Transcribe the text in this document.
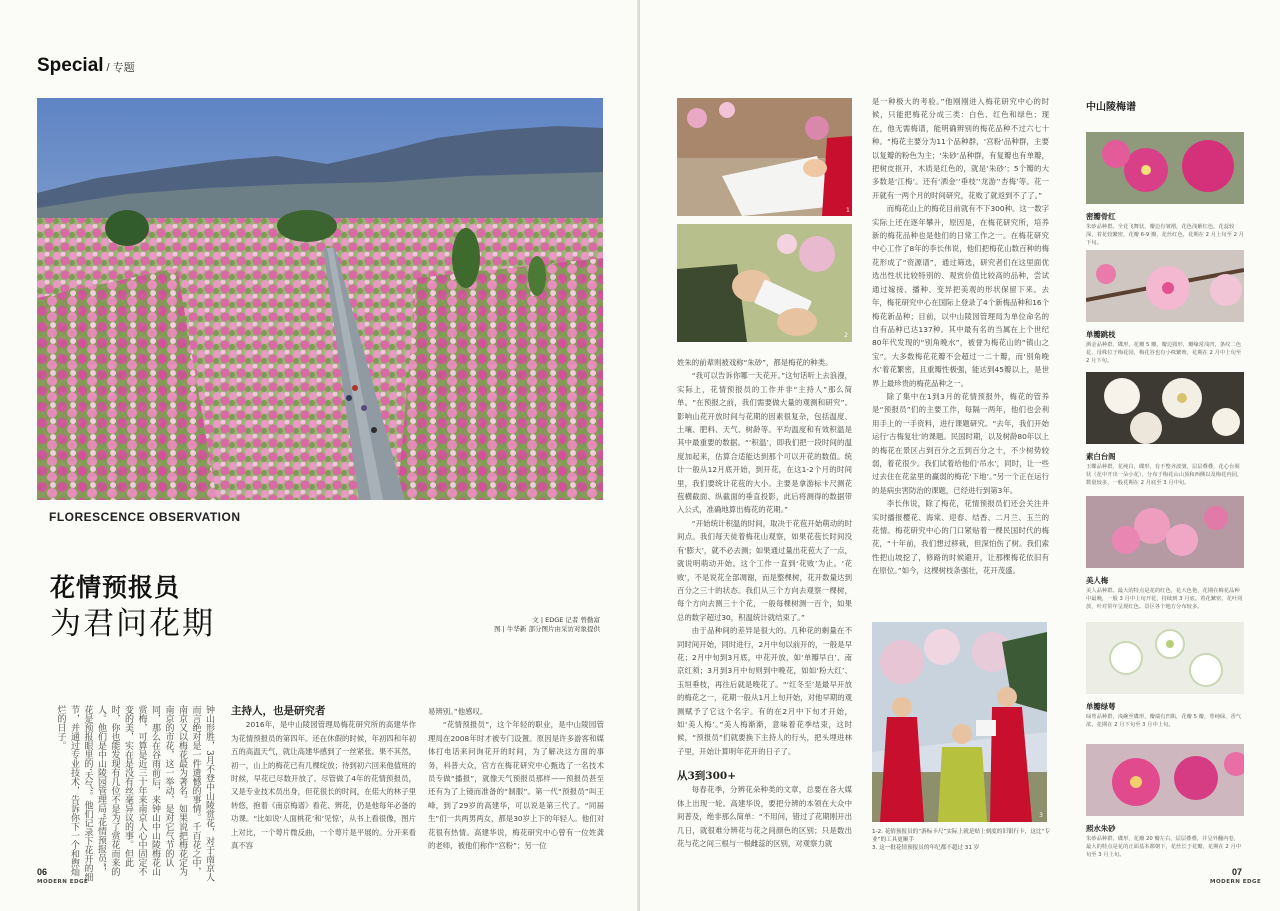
Special / 专题
FLORESCENCE OBSERVATION
花情预报员
为君问花期	文 | EDGE 记者 曾勤富
图 | 牛华新 部分图片由采访对象提供
钟山形胜，3月不登中山陵赏花，对于南京人而言绝对是一件遗憾的事情。千百花之中，南京又以梅花最为著名。如果说把梅花定为南京的市花，这一举动，是对它气节的认同，那么在谷雨前后，来钟山中山陵梅花山赏梅，可算是近三十年来南京人心中固定不变的美，实在是没有丝毫异议的事。但此时，你也能发现有几位不是为了赏花而来的人。他们是中山陵园管理局“花情预报员”，花是预报眼里的‘天气’。他们记录下花开的细节，并通过专业技术，告诉你下一个和煦灿烂的日子。	主持人，也是研究者

2016年，是中山陵园管理局梅花研究所的高建华作为花情预报员的第四年。还在休假的时候，年初四和年初五的高温天气，就让高建华感到了一丝紧张。果不其然，初一，山上的梅花已有几棵绽放；待到初六回来他值班的时候，早花已尽数开放了。尽管做了4年的花情预报员，又是专业技术员出身，但花很长的时间，在偌大的林子里转悠，抱着《南京梅谱》看花、辨花，仍是他每年必备的功课。“比如说‘人面桃花’和‘见惊’，从书上看很像，图片上对比，一个萼片微反曲，一个萼片是平展的。分开来看真不容

易辨别。”他感叹。

“花情预报员”，这个年轻的职业，是中山陵园管理局在2008年时才被专门设置。原因是许多游客和媒体打电话来问询花开的时间，为了解决这方面的事务，科普大众，官方在梅花研究中心甄选了一名技术员专做“播报”，就像天气预报员那样——预报员甚至还有为了上镜而准备的“制服”。第一代“预报员”叫王峰，到了29岁的高建华，可以说是第三代了。“同届生”们一共两男两女，都是30岁上下的年轻人。他们对花很有热情。高建华说，梅花研究中心曾有一位姓龚的老师，被他们称作“宫粉”；另一位

06
MODERN EDGE
07
MODERN EDGE
2
3
1-2. 花情预报员的“游标卡尺”实际上就是贴上刻度的旧银行卡，这比“专业”的工具更顺手
3. 这一批花情预报员的年纪都不超过 31 岁

姓朱的前辈则被戏称“朱砂”，都是梅花的种类。

“我可以告诉你哪一天花开。”这句话听上去浪漫，实际上，花情预报员的工作并非“主持人”那么简单。“在预报之前，我们需要做大量的观测和研究”。影响山花开放时间与花期的因素很复杂，包括温度、土壤、肥料、天气、树龄等。平均温度和有效积温是其中最重要的数据。“‘积温’，即我们把一段时间的温度加起来，估算合适能达到那个可以开花的数值。统计一般从12月底开始，到开花，在这1-2个月的时间里，我们要统计花苞的大小。主要是拿游标卡尺测花苞横截面、纵截面的垂直投影，此后将测得的数据带入公式，准确地算出梅花的花期。”

“开始统计积温的时间，取决于花苞开始萌动的时间点。我们每天徒着梅花山观察，如果花苞长时间没有‘膨大’，就不必去测；如果通过量出花苞大了一点，就说明萌动开始。这个工作一直到‘花败’为止。‘花败’，不是说花全部凋谢，而是整棵树，花开数量达到百分之三十的状态。我们从三个方向去观察一棵树，每个方向去测三十个花，一般每棵树测一百个，如果总的数字超过30，积温统计就结束了。”

由于品种间的差异是很大的。几种花的剩量在不同时间开始，同时进行，2月中旬以前开的，一般是早花；2月中旬到3月底，中花开放，如‘单瓣早白’、南京红须；3月到3月中旬则到中晚花，如如‘粉大红’、玉垣垂枝，再往后就是晚花了。“‘红冬至’是最早开放的梅花之一，花期一般从1月上旬开始，对他早期的观测赋予了它这个名字。有的在2月中下旬才开始，如‘美人梅’。”美人梅渐渐，意味着花季结束，这时候，“预报员”们就要换下主持人的行头，把头埋进林子里，开始计算明年花开的日子了。

是一种极大的考验。”他刚刚进入梅花研究中心的时候，只能把梅花分成三类：白色、红色和绿色；现在，他无需梅谱，能明确辨别的梅花品种不过六七十种。“梅花主要分为11个品种群，‘宫粉’品种群，主要以复瓣的粉色为主；‘朱砂’品种群，有复瓣也有单瓣，把树皮抠开，木质是红色的，就是‘朱砂’；5个瓣的大多数是‘江梅’。还有‘洒金’‘垂枝’‘龙游’‘杏梅’等。花一开就有一两个月的时间研究，花败了就返到不了了。”

而梅花山上的梅花目前就有不下300种。这一数字实际上还在逐年攀升，原因是，在梅花研究所，培养新的梅花品种也是他们的日常工作之一。在梅花研究中心工作了8年的李长伟说，他们把梅花山数百种的梅花形成了“资源谱”，通过筛选，研究者们在这里面优选出性状比较特别的、观赏价值比较高的品种，尝试通过嫁接、播种、变异把美观的形状保留下来。去年，梅花研究中心在国际上登录了4个新梅品种和16个梅花新品种；目前，以中山陵园管理局为单位命名的自有品种已达137种。其中最有名的当属在上个世纪80年代发现的“别角晚水”，被誉为梅花山的“镇山之宝”。大多数梅花花瓣不会超过一二十瓣，而‘别角晚水’着花繁密，且重瓣性极强，能达到45瓣以上，是世界上最珍贵的梅花品种之一。

除了集中在1到3月的花情预报外，梅花的管养是“预报员”们的主要工作，每隔一两年，他们也会利用手上的一手资料，进行课题研究。“去年，我们开始运行‘古梅复壮’的课题。民国时期，以及树龄80年以上的梅花在景区占到百分之五到百分之十，不少树势较弱，着花很少。我们试着给他们‘吊水’，同时，让一些过去住在花盆里的赢弱的梅花‘下地’。”另一个正在运行的是病虫害防治的课题，已经进行到第3年。

李长伟说，除了梅花，花情预报员们还会关注并实时播报樱花、海棠、迎春、结香、二月兰、玉兰的花情。梅花研究中心的门口紧贴着一棵民国时代的梅花，“十年前，我们想过移栽，但深怕伤了树。我们索性把山坡挖了，修路的时候避开，让那棵梅花依旧有在原位。”如今，这棵树枝条强壮，花开茂盛。

中山陵梅谱
密瓣骨红
朱砂品种群。全花飞舞状，瓣边有皱褶，花色浅紫红色，花蕊较深，着花较繁密，花瓣 6-9 瓣，花丝红色，花期在 2 月上旬至 2 月下旬。
单瓣跳枝
洒金品种群，碟形，花瓣 5 瓣，瓣边圆形，瓣缘常浅凹，条纹二色花，母株位于梅花园，梅花谷也有小株繁殖，花期在 2 月中上旬至 2 月下旬。
素白台阁
玉蝶品种群，花纯白，碟形，有不整齐波皱，层层叠叠，花心台阁状（花中开出一朵小花），分布于梅花山山顶和西侧以及梅花内园，数量较多，一般花期在 2 月底至 3 月中旬。
美人梅
美人品种群。最大的特点是花的红色，花大色艳，花期在梅花品种中最晚，一般 3 月中上旬开花，持续到 3 月底。着花繁密，花叶同放，叶对常年呈现红色。景区各个地方分布较多。
单瓣绿萼
绿萼品种群，浅碗至碟形，瓣端有凹陷，花瓣 5 瓣，萼纯绿，香气浓，花期在 2 月下旬至 3 月中上旬。
照水朱砂
朱砂品种群，碟形，花瓣 20 瓣左右，层层叠叠，并呈外翻内卷，最大的特点是花的正面基本都朝下，花丝长于花瓣，花期在 2 月中旬至 3 月上旬。
1

从3到300+

每春花季，分辨花朵种类的文章，总要在各大媒体上出现一轮。高建华说，要把分辨的本领在大众中间普及，绝非那么简单：“不用问，错过了花期刚开出几日，就很难分辨花与花之间颜色的区别；只是数出花与花之间三根与一根雌蕊的区别，对观察力就
